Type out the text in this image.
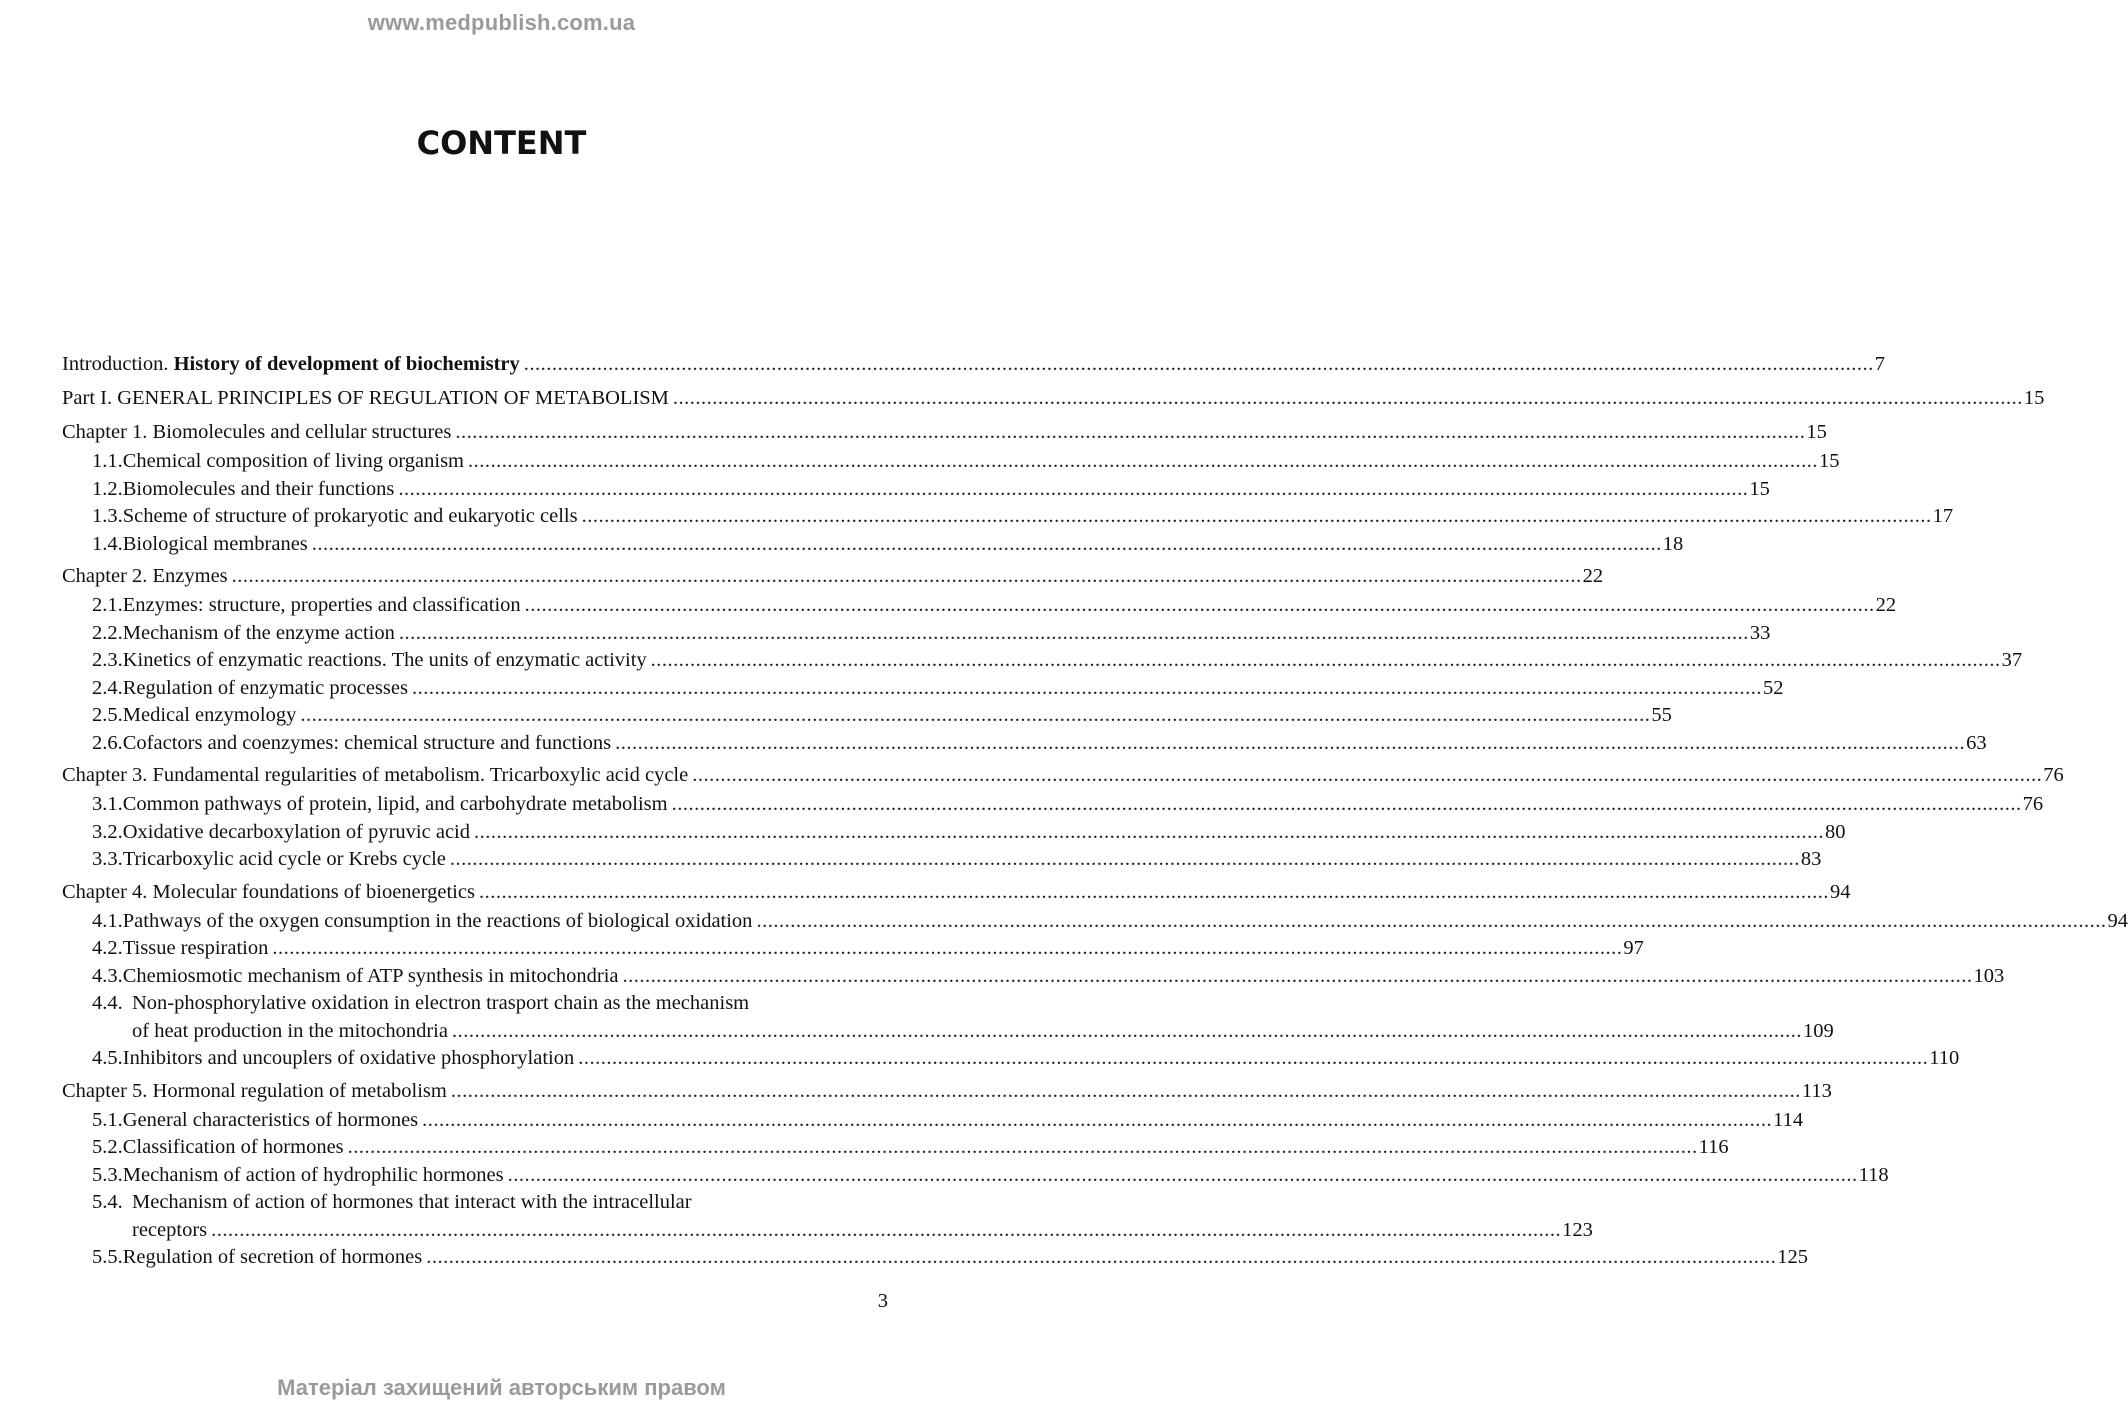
www.medpublish.com.ua
CONTENT
Introduction. History of development of biochemistry .....	7
Part I. GENERAL PRINCIPLES OF REGULATION OF METABOLISM .....	15
Chapter 1. Biomolecules and cellular structures .....	15
1.1. Chemical composition of living organism .....	15
1.2. Biomolecules and their functions .....	15
1.3. Scheme of structure of prokaryotic and eukaryotic cells .....	17
1.4. Biological membranes .....	18
Chapter 2. Enzymes .....	22
2.1. Enzymes: structure, properties and classification .....	22
2.2. Mechanism of the enzyme action .....	33
2.3. Kinetics of enzymatic reactions. The units of enzymatic activity .....	37
2.4. Regulation of enzymatic processes .....	52
2.5. Medical enzymology .....	55
2.6. Cofactors and coenzymes: chemical structure and functions .....	63
Chapter 3. Fundamental regularities of metabolism. Tricarboxylic acid cycle .....	76
3.1. Common pathways of protein, lipid, and carbohydrate metabolism .....	76
3.2. Oxidative decarboxylation of pyruvic acid .....	80
3.3. Tricarboxylic acid cycle or Krebs cycle .....	83
Chapter 4. Molecular foundations of bioenergetics .....	94
4.1. Pathways of the oxygen consumption in the reactions of biological oxidation .....	94
4.2. Tissue respiration .....	97
4.3. Chemiosmotic mechanism of ATP synthesis in mitochondria .....	103
4.4. Non-phosphorylative oxidation in electron trasport chain as the mechanism
of heat production in the mitochondria .....	109
4.5. Inhibitors and uncouplers of oxidative phosphorylation .....	110
Chapter 5. Hormonal regulation of metabolism .....	113
5.1. General characteristics of hormones .....	114
5.2. Classification of hormones .....	116
5.3. Mechanism of action of hydrophilic hormones .....	118
5.4. Mechanism of action of hormones that interact with the intracellular
receptors .....	123
5.5. Regulation of secretion of hormones .....	125
3
Матеріал захищений авторським правом
